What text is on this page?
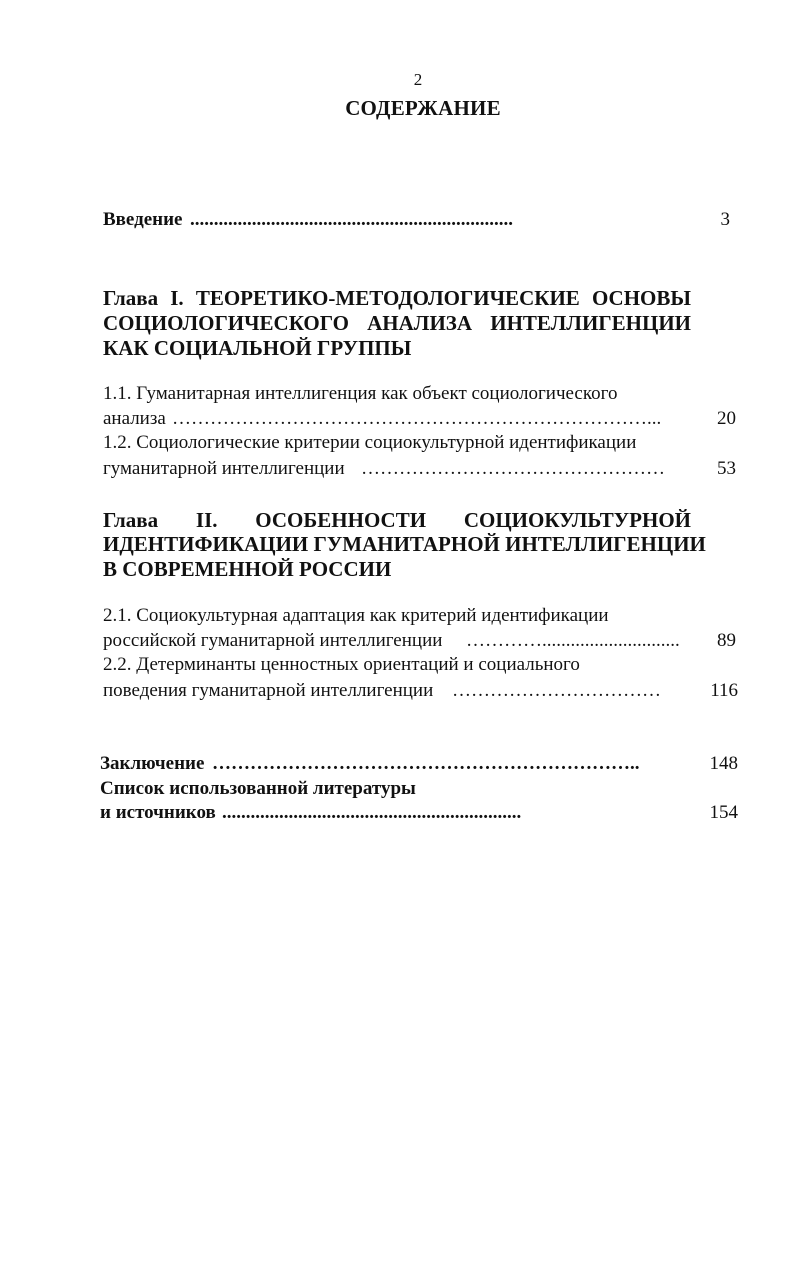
2
СОДЕРЖАНИЕ
Введение ....................................................................	3
Глава I. ТЕОРЕТИКО-МЕТОДОЛОГИЧЕСКИЕ ОСНОВЫ
СОЦИОЛОГИЧЕСКОГО АНАЛИЗА ИНТЕЛЛИГЕНЦИИ
КАК СОЦИАЛЬНОЙ ГРУППЫ
1.1. Гуманитарная интеллигенция как объект социологического
анализа …………………………………………………………………...	20
1.2. Социологические критерии социокультурной идентификации
гуманитарной интеллигенции …………………………………………	53
Глава II. ОСОБЕННОСТИ СОЦИОКУЛЬТУРНОЙ
ИДЕНТИФИКАЦИИ ГУМАНИТАРНОЙ ИНТЕЛЛИГЕНЦИИ
В СОВРЕМЕННОЙ РОССИИ
2.1. Социокультурная адаптация как критерий идентификации
российской гуманитарной интеллигенции ………….............................	89
2.2. Детерминанты ценностных ориентаций и социального
поведения гуманитарной интеллигенции ……………………………	116
Заключение …………………………………………………………..	148
Список использованной литературы
и источников ...............................................................	154
